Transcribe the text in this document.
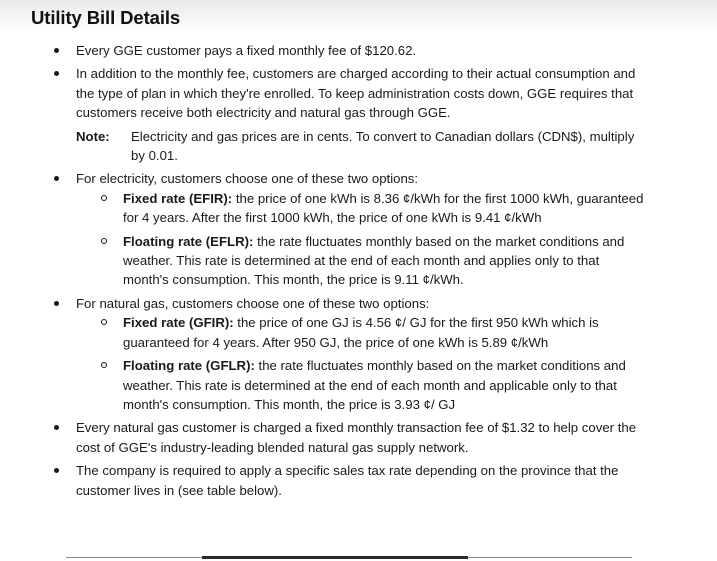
Utility Bill Details
Every GGE customer pays a fixed monthly fee of $120.62.
In addition to the monthly fee, customers are charged according to their actual consumption and the type of plan in which they're enrolled. To keep administration costs down, GGE requires that customers receive both electricity and natural gas through GGE.
Note:	Electricity and gas prices are in cents. To convert to Canadian dollars (CDN$), multiply by 0.01.
For electricity, customers choose one of these two options:
Fixed rate (EFIR): the price of one kWh is 8.36 ¢/kWh for the first 1000 kWh, guaranteed for 4 years. After the first 1000 kWh, the price of one kWh is 9.41 ¢/kWh
Floating rate (EFLR): the rate fluctuates monthly based on the market conditions and weather. This rate is determined at the end of each month and applies only to that month's consumption. This month, the price is 9.11 ¢/kWh.
For natural gas, customers choose one of these two options:
Fixed rate (GFIR): the price of one GJ is 4.56 ¢/ GJ for the first 950 kWh which is guaranteed for 4 years. After 950 GJ, the price of one kWh is 5.89 ¢/kWh
Floating rate (GFLR): the rate fluctuates monthly based on the market conditions and weather. This rate is determined at the end of each month and applicable only to that month's consumption. This month, the price is 3.93 ¢/ GJ
Every natural gas customer is charged a fixed monthly transaction fee of $1.32 to help cover the cost of GGE's industry-leading blended natural gas supply network.
The company is required to apply a specific sales tax rate depending on the province that the customer lives in (see table below).
